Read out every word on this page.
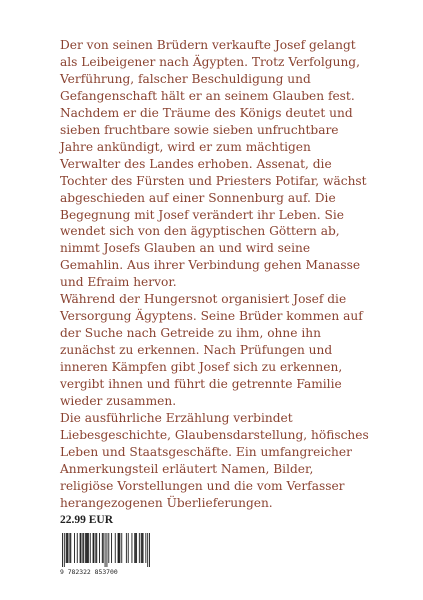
Der von seinen Brüdern verkaufte Josef gelangt als Leibeigener nach Ägypten. Trotz Verfolgung, Verführung, falscher Beschuldigung und Gefangenschaft hält er an seinem Glauben fest. Nachdem er die Träume des Königs deutet und sieben fruchtbare sowie sieben unfruchtbare Jahre ankündigt, wird er zum mächtigen Verwalter des Landes erhoben. Assenat, die Tochter des Fürsten und Priesters Potifar, wächst abgeschieden auf einer Sonnenburg auf. Die Begegnung mit Josef verändert ihr Leben. Sie wendet sich von den ägyptischen Göttern ab, nimmt Josefs Glauben an und wird seine Gemahlin. Aus ihrer Verbindung gehen Manasse und Efraim hervor.

Während der Hungersnot organisiert Josef die Versorgung Ägyptens. Seine Brüder kommen auf der Suche nach Getreide zu ihm, ohne ihn zunächst zu erkennen. Nach Prüfungen und inneren Kämpfen gibt Josef sich zu erkennen, vergibt ihnen und führt die getrennte Familie wieder zusammen.

Die ausführliche Erzählung verbindet Liebesgeschichte, Glaubensdarstellung, höfisches Leben und Staatsgeschäfte. Ein umfangreicher Anmerkungsteil erläutert Namen, Bilder, religiöse Vorstellungen und die vom Verfasser herangezogenen Überlieferungen.

22.99 EUR
9 782322 853700
